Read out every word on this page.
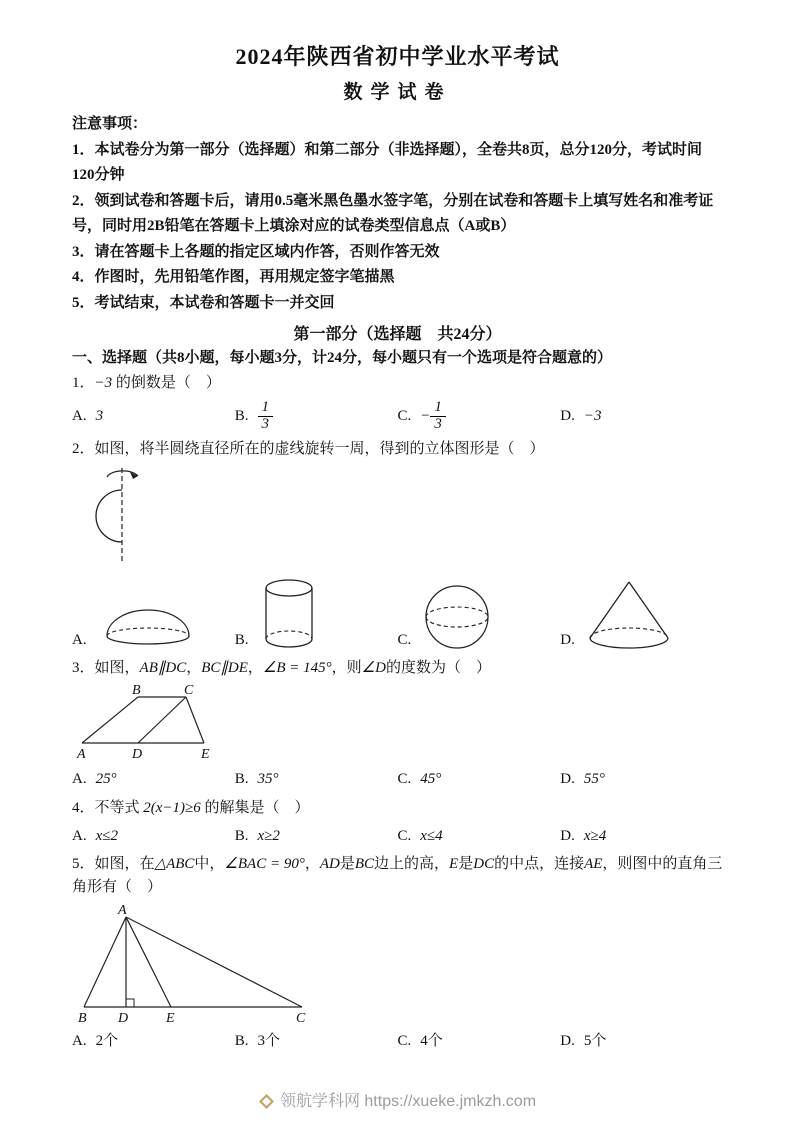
2024年陕西省初中学业水平考试
数学试卷
注意事项：
1．本试卷分为第一部分（选择题）和第二部分（非选择题），全卷共8页，总分120分，考试时间120分钟
2．领到试卷和答题卡后，请用0.5毫米黑色墨水签字笔，分别在试卷和答题卡上填写姓名和准考证号，同时用2B铅笔在答题卡上填涂对应的试卷类型信息点（A或B）
3．请在答题卡上各题的指定区域内作答，否则作答无效
4．作图时，先用铅笔作图，再用规定签字笔描黑
5．考试结束，本试卷和答题卡一并交回
第一部分（选择题　共24分）
一、选择题（共8小题，每小题3分，计24分，每小题只有一个选项是符合题意的）
1．−3 的倒数是（　）
A. 3	B. $\frac{1}{3}$	C. − $\frac{1}{3}$	D. −3
2．如图，将半圆绕直径所在的虚线旋转一周，得到的立体图形是（　）
A.	B.	C.	D.
3．如图，AB∥DC，BC∥DE，∠B = 145°，则∠D的度数为（　）
A
B	C
D	E
A. 25°	B. 35°	C. 45°	D. 55°
4．不等式 2(x−1)≥6 的解集是（　）
A. x≤2	B. x≥2	C. x≤4	D. x≥4
5．如图，在△ABC中，∠BAC = 90°，AD是BC边上的高，E是DC的中点，连接AE，则图中的直角三角形有（　）
A
B D	E	C
A. 2个	B. 3个	C. 4个	D. 5个
领航学科网 https://xueke.jmkzh.com
